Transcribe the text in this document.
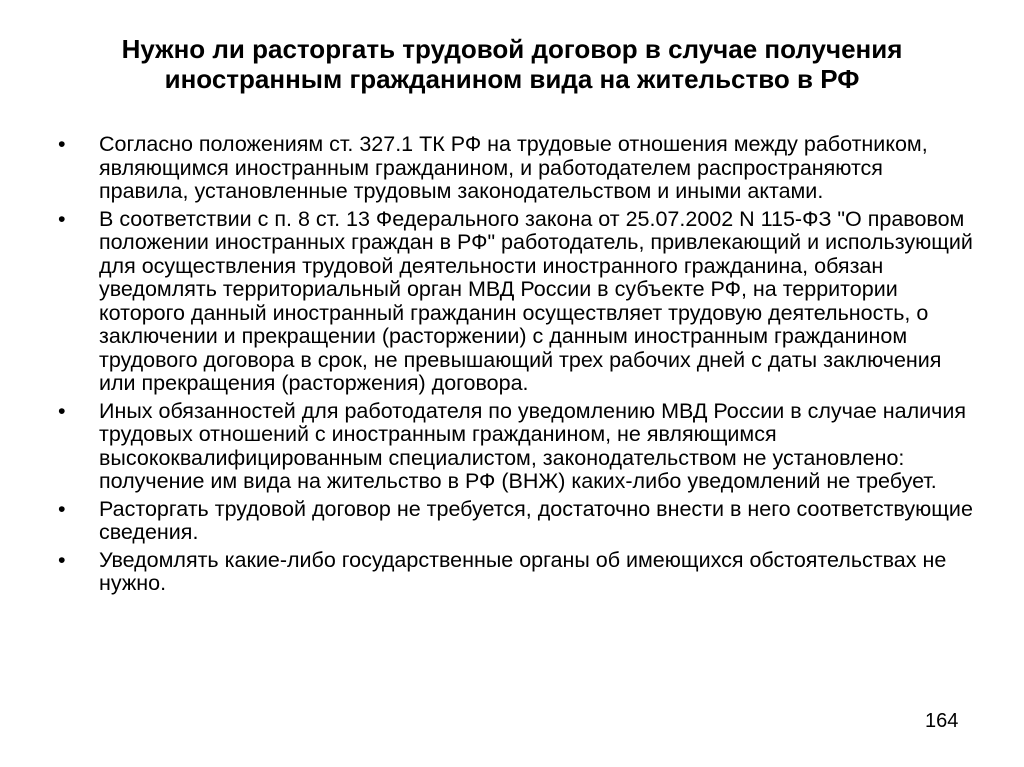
Нужно ли расторгать трудовой договор в случае получения
иностранным гражданином вида на жительство в РФ
•	Согласно положениям ст. 327.1 ТК РФ на трудовые отношения между работником, являющимся иностранным гражданином, и работодателем распространяются правила, установленные трудовым законодательством и иными актами.
•	В соответствии с п. 8 ст. 13 Федерального закона от 25.07.2002 N 115-ФЗ "О правовом положении иностранных граждан в РФ" работодатель, привлекающий и использующий для осуществления трудовой деятельности иностранного гражданина, обязан уведомлять территориальный орган МВД России в субъекте РФ, на территории которого данный иностранный гражданин осуществляет трудовую деятельность, о заключении и прекращении (расторжении) с данным иностранным гражданином трудового договора в срок, не превышающий трех рабочих дней с даты заключения или прекращения (расторжения) договора.
•	Иных обязанностей для работодателя по уведомлению МВД России в случае наличия трудовых отношений с иностранным гражданином, не являющимся высококвалифицированным специалистом, законодательством не установлено: получение им вида на жительство в РФ (ВНЖ) каких-либо уведомлений не требует.
•	Расторгать трудовой договор не требуется, достаточно внести в него соответствующие сведения.
•	Уведомлять какие-либо государственные органы об имеющихся обстоятельствах не нужно.
164
